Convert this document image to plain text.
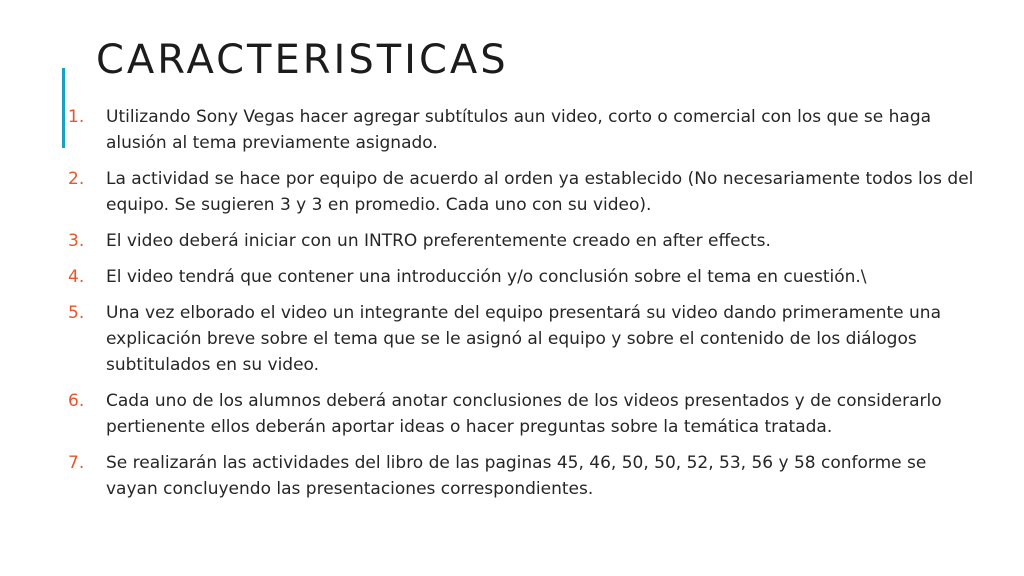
CARACTERISTICAS
1. Utilizando Sony Vegas hacer agregar subtítulos aun video, corto o comercial con los que se haga alusión al tema previamente asignado.
2. La actividad se hace por equipo de acuerdo al orden ya establecido (No necesariamente todos los del equipo. Se sugieren 3 y 3 en promedio. Cada uno con su video).
3. El video deberá iniciar con un INTRO preferentemente creado en after effects.
4. El video tendrá que contener una introducción y/o conclusión sobre el tema en cuestión.\
5. Una vez elborado el video un integrante del equipo presentará su video dando primeramente una explicación breve sobre el tema que se le asignó al equipo y sobre el contenido de los diálogos subtitulados en su video.
6. Cada uno de los alumnos deberá anotar conclusiones de los videos presentados y de considerarlo pertienente ellos deberán aportar ideas o hacer preguntas sobre la temática tratada.
7. Se realizarán las actividades del libro de las paginas 45, 46, 50, 50, 52, 53, 56 y 58 conforme se vayan concluyendo las presentaciones correspondientes.
